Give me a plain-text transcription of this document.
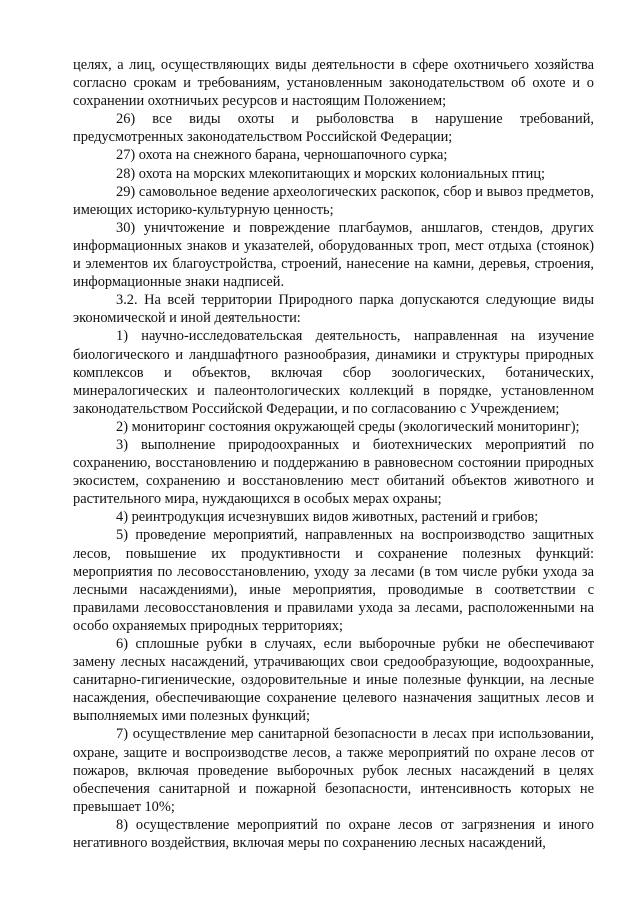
целях, а лиц, осуществляющих виды деятельности в сфере охотничьего хозяйства согласно срокам и требованиям, установленным законодательством об охоте и о сохранении охотничьих ресурсов и настоящим Положением;

26) все виды охоты и рыболовства в нарушение требований, предусмотренных законодательством Российской Федерации;

27) охота на снежного барана, черношапочного сурка;

28) охота на морских млекопитающих и морских колониальных птиц;

29) самовольное ведение археологических раскопок, сбор и вывоз предметов, имеющих историко-культурную ценность;

30) уничтожение и повреждение плагбаумов, аншлагов, стендов, других информационных знаков и указателей, оборудованных троп, мест отдыха (стоянок) и элементов их благоустройства, строений, нанесение на камни, деревья, строения, информационные знаки надписей.

3.2. На всей территории Природного парка допускаются следующие виды экономической и иной деятельности:

1) научно-исследовательская деятельность, направленная на изучение биологического и ландшафтного разнообразия, динамики и структуры природных комплексов и объектов, включая сбор зоологических, ботанических, минералогических и палеонтологических коллекций в порядке, установленном законодательством Российской Федерации, и по согласованию с Учреждением;

2) мониторинг состояния окружающей среды (экологический мониторинг);

3) выполнение природоохранных и биотехнических мероприятий по сохранению, восстановлению и поддержанию в равновесном состоянии природных экосистем, сохранению и восстановлению мест обитаний объектов животного и растительного мира, нуждающихся в особых мерах охраны;

4) реинтродукция исчезнувших видов животных, растений и грибов;

5) проведение мероприятий, направленных на воспроизводство защитных лесов, повышение их продуктивности и сохранение полезных функций: мероприятия по лесовосстановлению, уходу за лесами (в том числе рубки ухода за лесными насаждениями), иные мероприятия, проводимые в соответствии с правилами лесовосстановления и правилами ухода за лесами, расположенными на особо охраняемых природных территориях;

6) сплошные рубки в случаях, если выборочные рубки не обеспечивают замену лесных насаждений, утрачивающих свои средообразующие, водоохранные, санитарно-гигиенические, оздоровительные и иные полезные функции, на лесные насаждения, обеспечивающие сохранение целевого назначения защитных лесов и выполняемых ими полезных функций;

7) осуществление мер санитарной безопасности в лесах при использовании, охране, защите и воспроизводстве лесов, а также мероприятий по охране лесов от пожаров, включая проведение выборочных рубок лесных насаждений в целях обеспечения санитарной и пожарной безопасности, интенсивность которых не превышает 10%;

8) осуществление мероприятий по охране лесов от загрязнения и иного негативного воздействия, включая меры по сохранению лесных насаждений,
